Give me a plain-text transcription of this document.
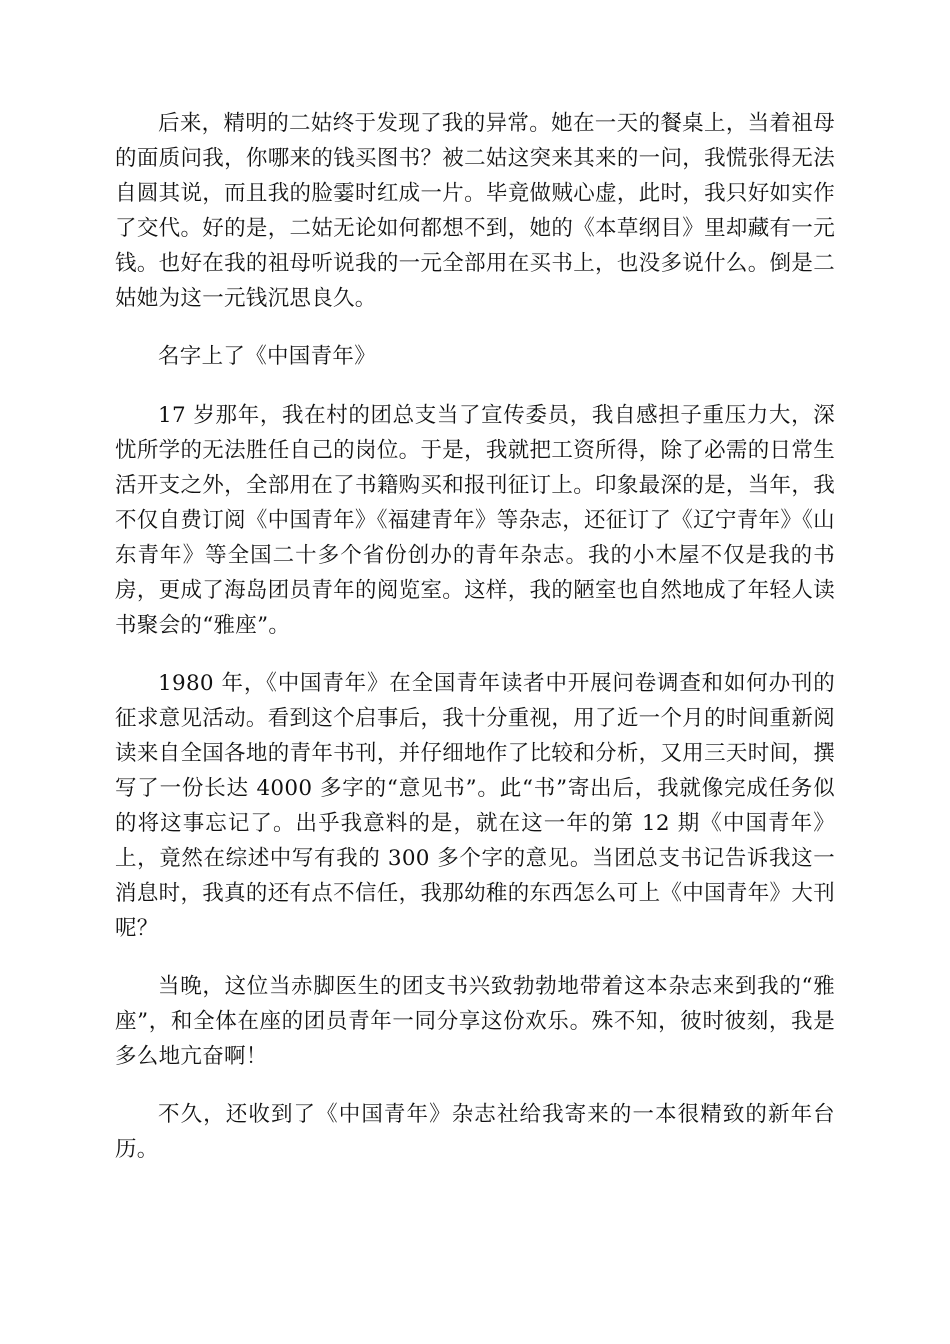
后来，精明的二姑终于发现了我的异常。她在一天的餐桌上，当着祖母的面质问我，你哪来的钱买图书？被二姑这突来其来的一问，我慌张得无法自圆其说，而且我的脸霎时红成一片。毕竟做贼心虚，此时，我只好如实作了交代。好的是，二姑无论如何都想不到，她的《本草纲目》里却藏有一元钱。也好在我的祖母听说我的一元全部用在买书上，也没多说什么。倒是二姑她为这一元钱沉思良久。

名字上了《中国青年》

17 岁那年，我在村的团总支当了宣传委员，我自感担子重压力大，深忧所学的无法胜任自己的岗位。于是，我就把工资所得，除了必需的日常生活开支之外，全部用在了书籍购买和报刊征订上。印象最深的是，当年，我不仅自费订阅《中国青年》《福建青年》等杂志，还征订了《辽宁青年》《山东青年》等全国二十多个省份创办的青年杂志。我的小木屋不仅是我的书房，更成了海岛团员青年的阅览室。这样，我的陋室也自然地成了年轻人读书聚会的“雅座”。

1980 年，《中国青年》在全国青年读者中开展问卷调查和如何办刊的征求意见活动。看到这个启事后，我十分重视，用了近一个月的时间重新阅读来自全国各地的青年书刊，并仔细地作了比较和分析，又用三天时间，撰写了一份长达 4000 多字的“意见书”。此“书”寄出后，我就像完成任务似的将这事忘记了。出乎我意料的是，就在这一年的第 12 期《中国青年》上，竟然在综述中写有我的 300 多个字的意见。当团总支书记告诉我这一消息时，我真的还有点不信任，我那幼稚的东西怎么可上《中国青年》大刊呢？

当晚，这位当赤脚医生的团支书兴致勃勃地带着这本杂志来到我的“雅座”，和全体在座的团员青年一同分享这份欢乐。殊不知，彼时彼刻，我是多么地亢奋啊！

不久，还收到了《中国青年》杂志社给我寄来的一本很精致的新年台历。
